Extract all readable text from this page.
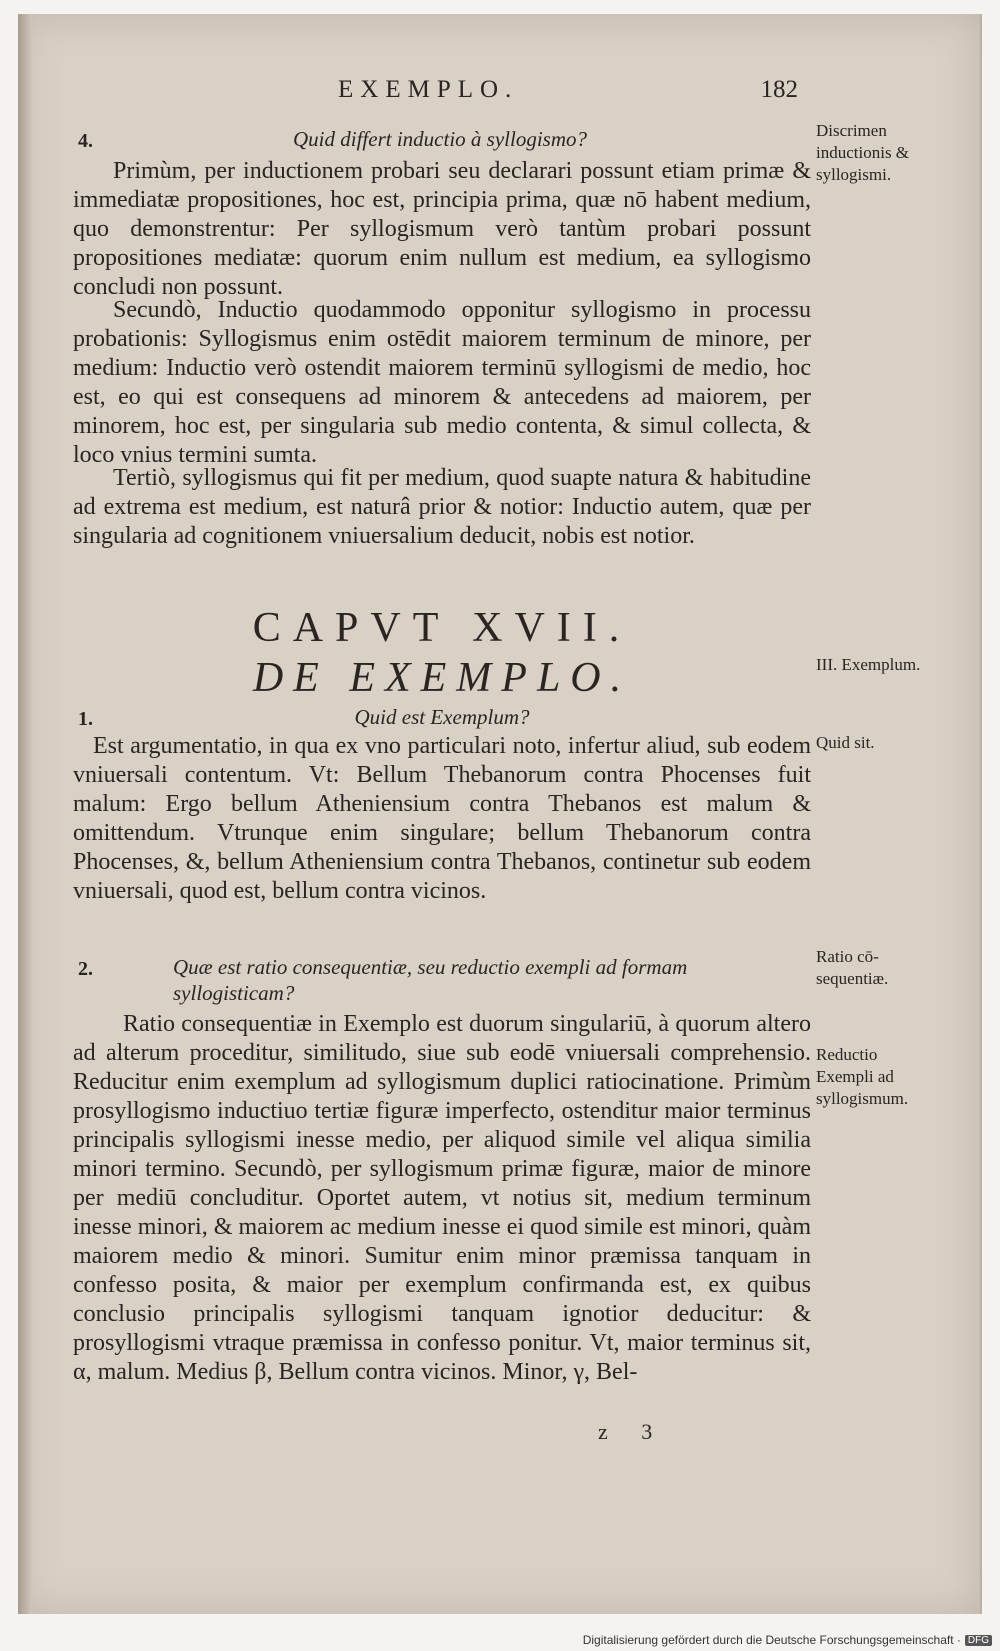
EXEMPLO.	182
4.	Quid differt inductio à syllogismo?
Primùm, per inductionem probari seu declarari possunt etiam primæ & immediatæ propositiones, hoc est, principia prima, quæ nō habent medium, quo demonstrentur: Per syllogismum verò tantùm probari possunt propositiones mediatæ: quorum enim nullum est medium, ea syllogismo concludi non possunt.
Secundò, Inductio quodammodo opponitur syllogismo in processu probationis: Syllogismus enim ostēdit maiorem terminum de minore, per medium: Inductio verò ostendit maiorem terminū syllogismi de medio, hoc est, eo qui est consequens ad minorem & antecedens ad maiorem, per minorem, hoc est, per singularia sub medio contenta, & simul collecta, & loco vnius termini sumta.
Tertiò, syllogismus qui fit per medium, quod suapte natura & habitudine ad extrema est medium, est naturâ prior & notior: Inductio autem, quæ per singularia ad cognitionem vniuersalium deducit, nobis est notior.
CAPVT XVII.
DE EXEMPLO.
1.	Quid est Exemplum?
Est argumentatio, in qua ex vno particulari noto, infertur aliud, sub eodem vniuersali contentum. Vt: Bellum Thebanorum contra Phocenses fuit malum: Ergo bellum Atheniensium contra Thebanos est malum & omittendum. Vtrunque enim singulare; bellum Thebanorum contra Phocenses, &, bellum Atheniensium contra Thebanos, continetur sub eodem vniuersali, quod est, bellum contra vicinos.
2.	Quæ est ratio consequentiæ, seu reductio exempli ad formam syllogisticam?
Ratio consequentiæ in Exemplo est duorum singulariū, à quorum altero ad alterum proceditur, similitudo, siue sub eodē vniuersali comprehensio. Reducitur enim exemplum ad syllogismum duplici ratiocinatione. Primùm prosyllogismo inductiuo tertiæ figuræ imperfecto, ostenditur maior terminus principalis syllogismi inesse medio, per aliquod simile vel aliqua similia minori termino. Secundò, per syllogismum primæ figuræ, maior de minore per mediū concluditur. Oportet autem, vt notius sit, medium terminum inesse minori, & maiorem ac medium inesse ei quod simile est minori, quàm maiorem medio & minori. Sumitur enim minor præmissa tanquam in confesso posita, & maior per exemplum confirmanda est, ex quibus conclusio principalis syllogismi tanquam ignotior deducitur: & prosyllogismi vtraque præmissa in confesso ponitur. Vt, maior terminus sit, α, malum. Medius β, Bellum contra vicinos. Minor, γ, Bel-
Discrimen inductionis & syllogismi.
III. Exemplum.
Quid sit.
Ratio cō-sequentiæ.
Reductio Exempli ad syllogismum.
z 3
Digitalisierung gefördert durch die Deutsche Forschungsgemeinschaft · DFG
